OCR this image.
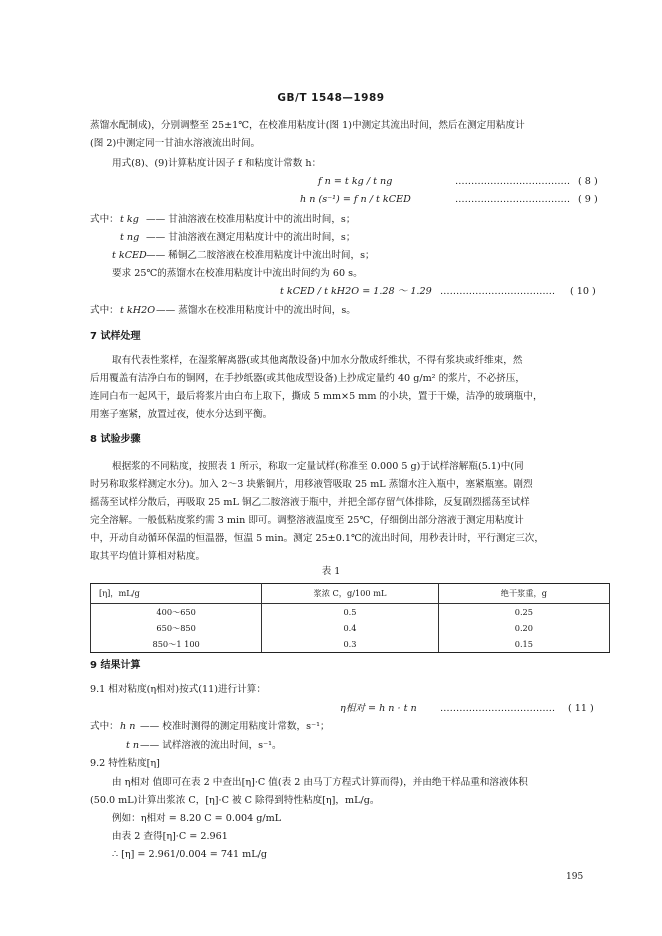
GB/T 1548—1989
蒸馏水配制成)，分别调整至 25±1℃，在校准用粘度计(图 1)中测定其流出时间，然后在测定用粘度计
(图 2)中测定同一甘油水溶液流出时间。
用式(8)、(9)计算粘度计因子 f 和粘度计常数 h：
f n = t kg / t ng	……………………………… ( 8 )
h n (s⁻¹) = f n / t kCED	……………………………… ( 9 )
式中： t kg —— 甘油溶液在校准用粘度计中的流出时间，s；
t ng —— 甘油溶液在测定用粘度计中的流出时间，s；
t kCED —— 稀铜乙二胺溶液在校准用粘度计中流出时间，s；
要求 25℃的蒸馏水在校准用粘度计中流出时间约为 60 s。
t kCED / t kH2O = 1.28 ～ 1.29 ……………………………… ( 10 )
式中： t kH2O —— 蒸馏水在校准用粘度计中的流出时间，s。
7 试样处理
取有代表性浆样，在湿浆解离器(或其他离散设备)中加水分散成纤维状，不得有浆块或纤维束，然
后用覆盖有洁净白布的铜网，在手抄纸器(或其他成型设备)上抄成定量约 40 g/m² 的浆片，不必挤压，
连同白布一起风干，最后将浆片由白布上取下，撕成 5 mm×5 mm 的小块，置于干燥，洁净的玻璃瓶中，
用塞子塞紧，放置过夜，使水分达到平衡。
8 试验步骤
根据浆的不同粘度，按照表 1 所示，称取一定量试样(称准至 0.000 5 g)于试样溶解瓶(5.1)中(同
时另称取浆样测定水分)。加入 2～3 块紫铜片，用移液管吸取 25 mL 蒸馏水注入瓶中，塞紧瓶塞。剧烈
摇荡至试样分散后，再吸取 25 mL 铜乙二胺溶液于瓶中，并把全部存留气体排除，反复剧烈摇荡至试样
完全溶解。一般低粘度浆约需 3 min 即可。调整溶液温度至 25℃，仔细倒出部分溶液于测定用粘度计
中，开动自动循环保温的恒温器，恒温 5 min。测定 25±0.1℃的流出时间，用秒表计时，平行测定三次，
取其平均值计算相对粘度。
表 1
[η]，mL/g	浆浓 C，g/100 mL	绝干浆重，g
400～650	0.5	0.25
650～850	0.4	0.20
850～1 100	0.3	0.15
9 结果计算
9.1 相对粘度(η相对)按式(11)进行计算：
η相对 = h n · t n ……………………………… ( 11 )
式中： h n —— 校准时测得的测定用粘度计常数，s⁻¹；
t n —— 试样溶液的流出时间，s⁻¹。
9.2 特性粘度[η]
由 η相对 值即可在表 2 中查出[η]·C 值(表 2 由马丁方程式计算而得)，并由绝干样品重和溶液体积
(50.0 mL)计算出浆浓 C，[η]·C 被 C 除得到特性粘度[η]，mL/g。
例如：η相对 = 8.20 C = 0.004 g/mL
由表 2 查得[η]·C = 2.961
∴ [η] = 2.961/0.004 = 741 mL/g
195
